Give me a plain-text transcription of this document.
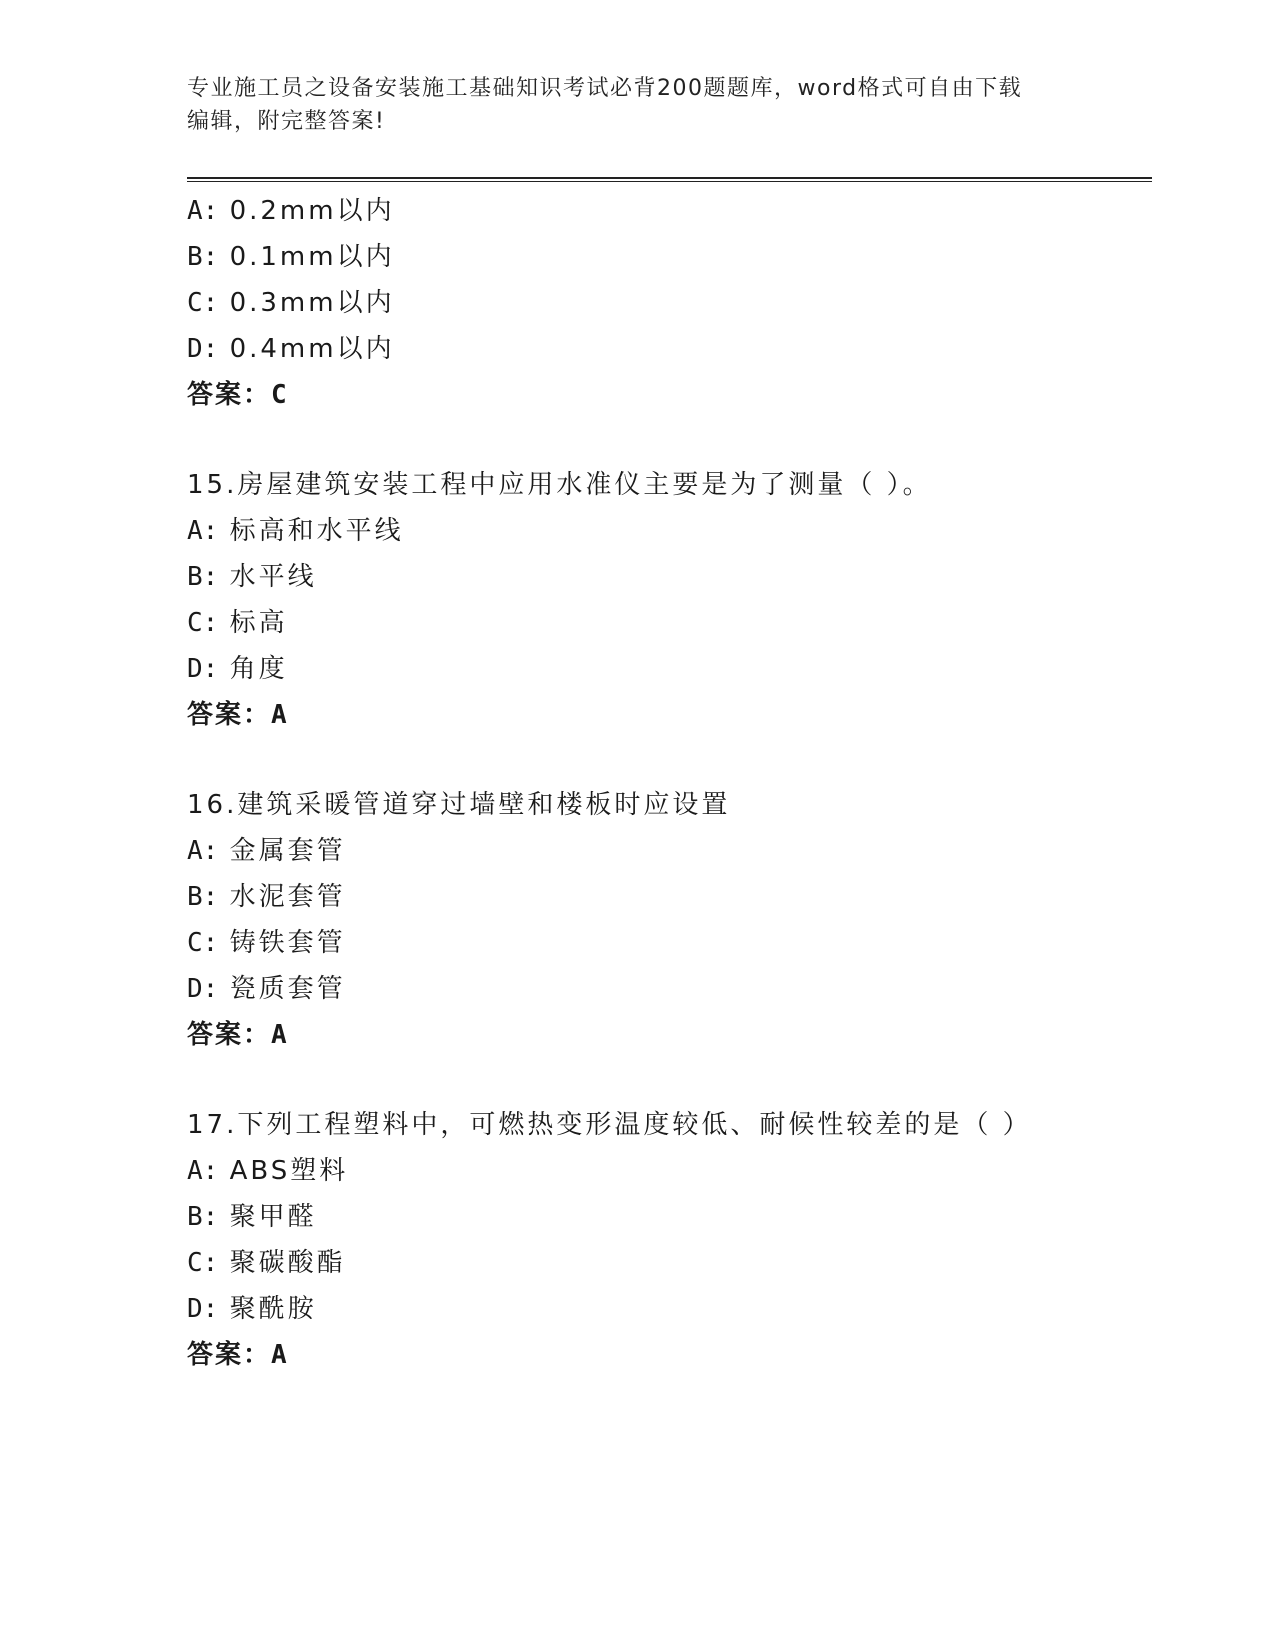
专业施工员之设备安装施工基础知识考试必背200题题库，word格式可自由下载
编辑，附完整答案!
A: 0.2mm以内
B: 0.1mm以内
C: 0.3mm以内
D: 0.4mm以内
答案：C
15.房屋建筑安装工程中应用水准仪主要是为了测量（ ）。
A: 标高和水平线
B: 水平线
C: 标高
D: 角度
答案：A
16.建筑采暖管道穿过墙壁和楼板时应设置
A: 金属套管
B: 水泥套管
C: 铸铁套管
D: 瓷质套管
答案：A
17.下列工程塑料中，可燃热变形温度较低、耐候性较差的是（ ）
A: ABS塑料
B: 聚甲醛
C: 聚碳酸酯
D: 聚酰胺
答案：A
